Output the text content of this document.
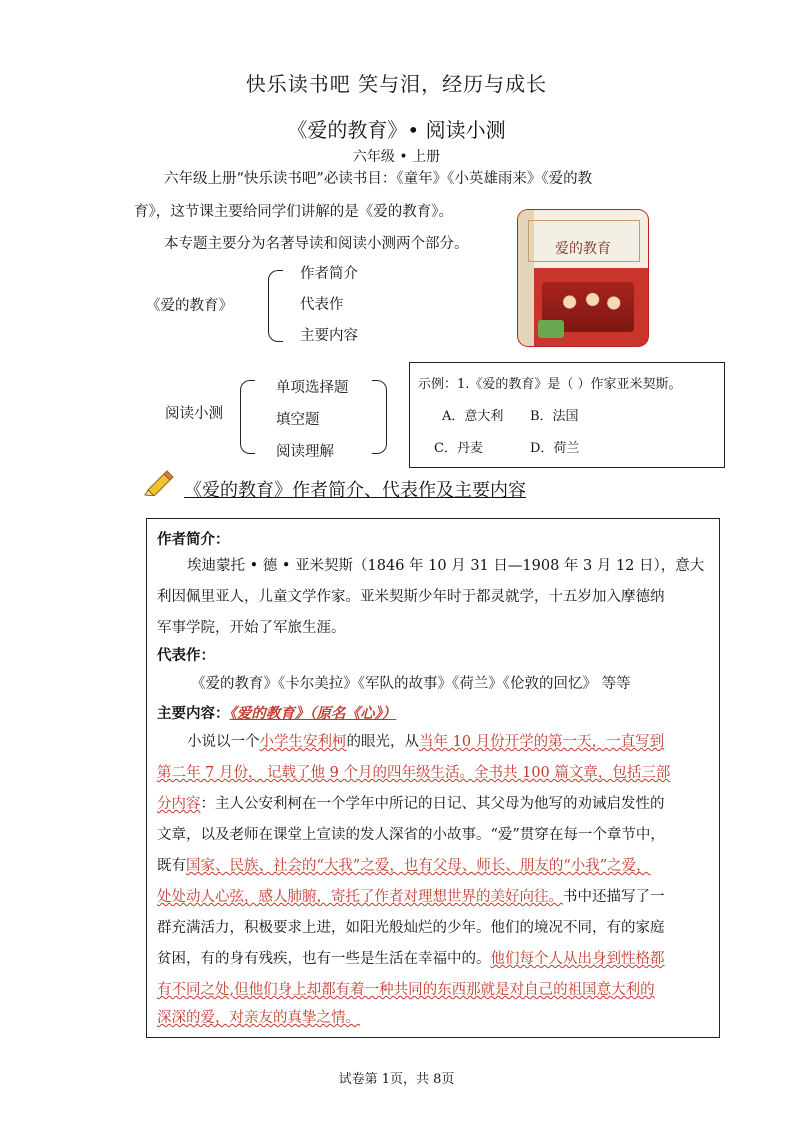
快乐读书吧 笑与泪，经历与成长
《爱的教育》• 阅读小测
六年级 • 上册
六年级上册“快乐读书吧”必读书目：《童年》《小英雄雨来》《爱的教
育》，这节课主要给同学们讲解的是《爱的教育》。
本专题主要分为名著导读和阅读小测两个部分。	爱的教育
《爱的教育》
作者简介
代表作
主要内容
阅读小测
单项选择题
填空题
阅读理解
示例：1.《爱的教育》是（ ）作家亚米契斯。
A．意大利 B．法国
C．丹麦	D．荷兰
《爱的教育》作者简介、代表作及主要内容
作者简介：
埃迪蒙托 • 德 • 亚米契斯（1846 年 10 月 31 日—1908 年 3 月 12 日），意大
利因佩里亚人，儿童文学作家。亚米契斯少年时于都灵就学，十五岁加入摩德纳
军事学院，开始了军旅生涯。
代表作：
《爱的教育》《卡尔美拉》《军队的故事》《荷兰》《伦敦的回忆》 等等
主要内容：《爱的教育》（原名《心》）
小说以一个小学生安利柯的眼光，从当年 10 月份开学的第一天，一直写到
第二年 7 月份， 记载了他 9 个月的四年级生活。全书共 100 篇文章，包括三部
分内容：主人公安利柯在一个学年中所记的日记、其父母为他写的劝诫启发性的
文章，以及老师在课堂上宣读的发人深省的小故事。“爱”贯穿在每一个章节中，
既有国家、民族、社会的“大我”之爱，也有父母、师长、朋友的“小我”之爱，
处处动人心弦，感人肺腑，寄托了作者对理想世界的美好向往。书中还描写了一
群充满活力，积极要求上进，如阳光般灿烂的少年。他们的境况不同，有的家庭
贫困，有的身有残疾，也有一些是生活在幸福中的。他们每个人从出身到性格都
有不同之处,但他们身上却都有着一种共同的东西那就是对自己的祖国意大利的
深深的爱，对亲友的真挚之情。
试卷第 1页，共 8页
